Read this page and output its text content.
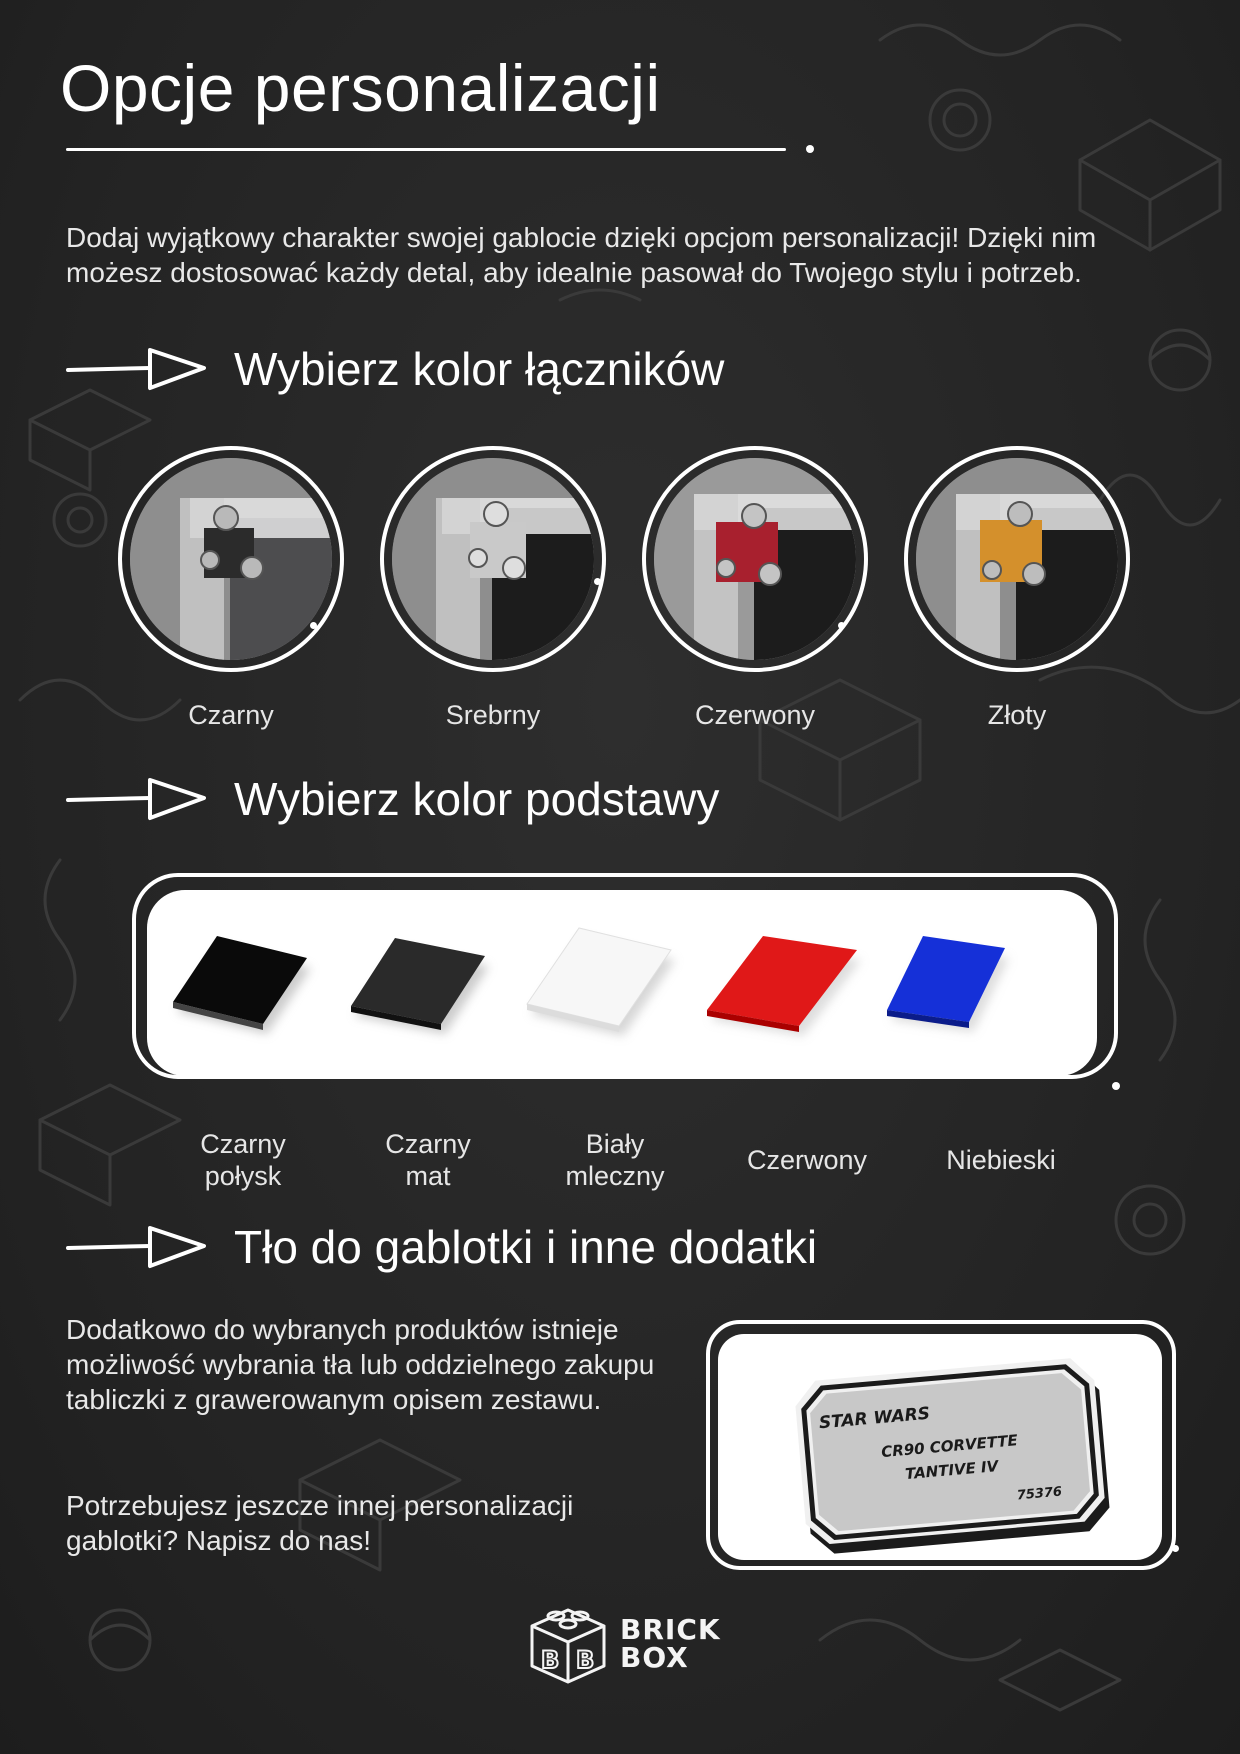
Opcje personalizacji

Dodaj wyjątkowy charakter swojej gablocie dzięki opcjom personalizacji! Dzięki nim możesz dostosować każdy detal, aby idealnie pasował do Twojego stylu i potrzeb.

Wybierz kolor łączników
Czarny	Srebrny	Czerwony	Złoty
Wybierz kolor podstawy
Czarny
połysk
Czarny
mat
Biały
mleczny
Czerwony	Niebieski
Tło do gablotki i inne dodatki

Dodatkowo do wybranych produktów istnieje możliwość wybrania tła lub oddzielnego zakupu tabliczki z grawerowanym opisem zestawu.

Potrzebujesz jeszcze innej personalizacji gablotki? Napisz do nas!

STAR WARS
CR90 CORVETTE
TANTIVE IV
75376
B B
BRICK
BOX
